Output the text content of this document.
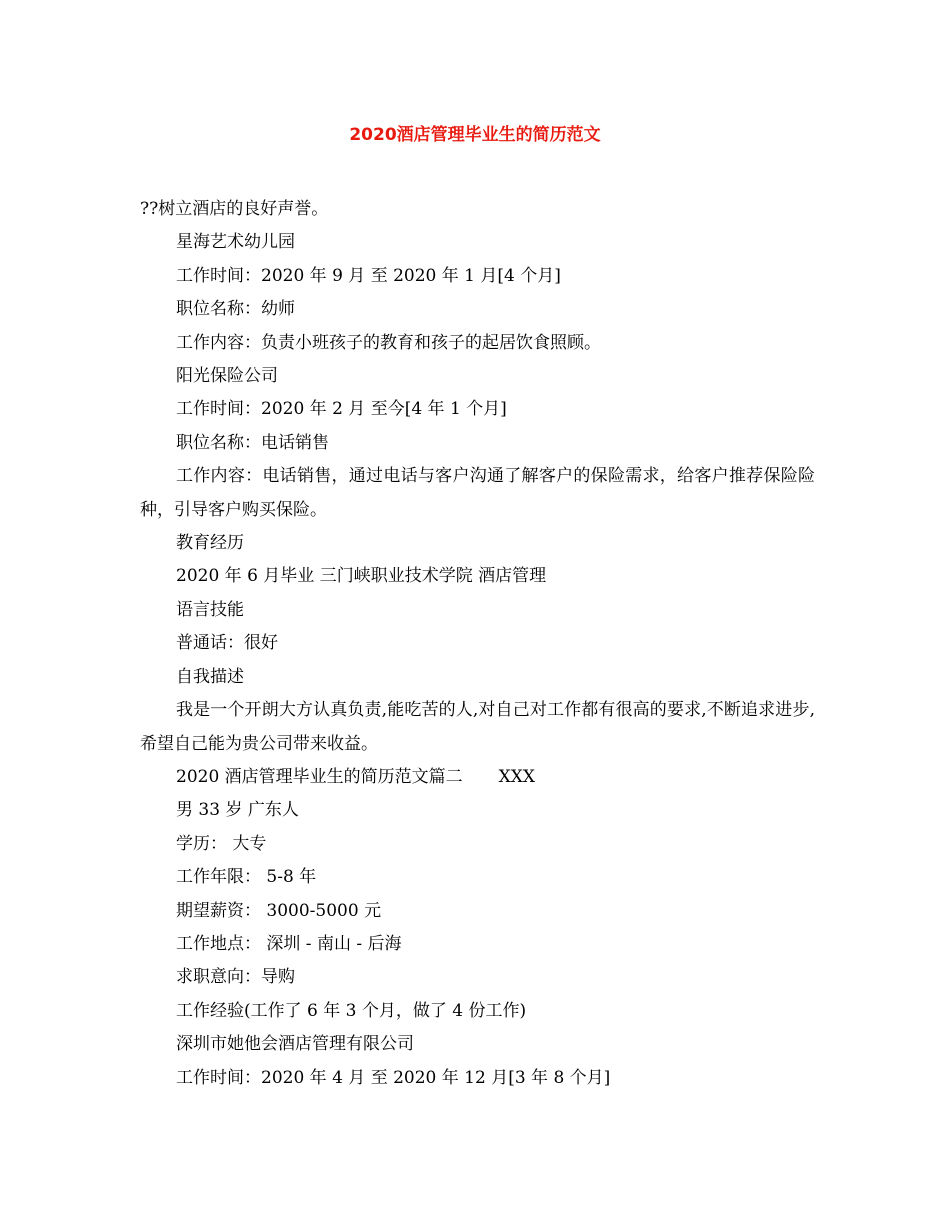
2020酒店管理毕业生的简历范文

??树立酒店的良好声誉。

星海艺术幼儿园

工作时间：2020 年 9 月 至 2020 年 1 月[4 个月]

职位名称：幼师

工作内容：负责小班孩子的教育和孩子的起居饮食照顾。

阳光保险公司

工作时间：2020 年 2 月 至今[4 年 1 个月]

职位名称：电话销售

工作内容：电话销售，通过电话与客户沟通了解客户的保险需求，给客户推荐保险险种，引导客户购买保险。

教育经历

2020 年 6 月毕业 三门峡职业技术学院 酒店管理

语言技能

普通话：很好

自我描述

我是一个开朗大方认真负责,能吃苦的人,对自己对工作都有很高的要求,不断追求进步,希望自己能为贵公司带来收益。

2020 酒店管理毕业生的简历范文篇二 XXX

男 33 岁 广东人

学历： 大专

工作年限： 5-8 年

期望薪资： 3000-5000 元

工作地点： 深圳 - 南山 - 后海

求职意向：导购

工作经验(工作了 6 年 3 个月，做了 4 份工作)

深圳市她他会酒店管理有限公司

工作时间：2020 年 4 月 至 2020 年 12 月[3 年 8 个月]
